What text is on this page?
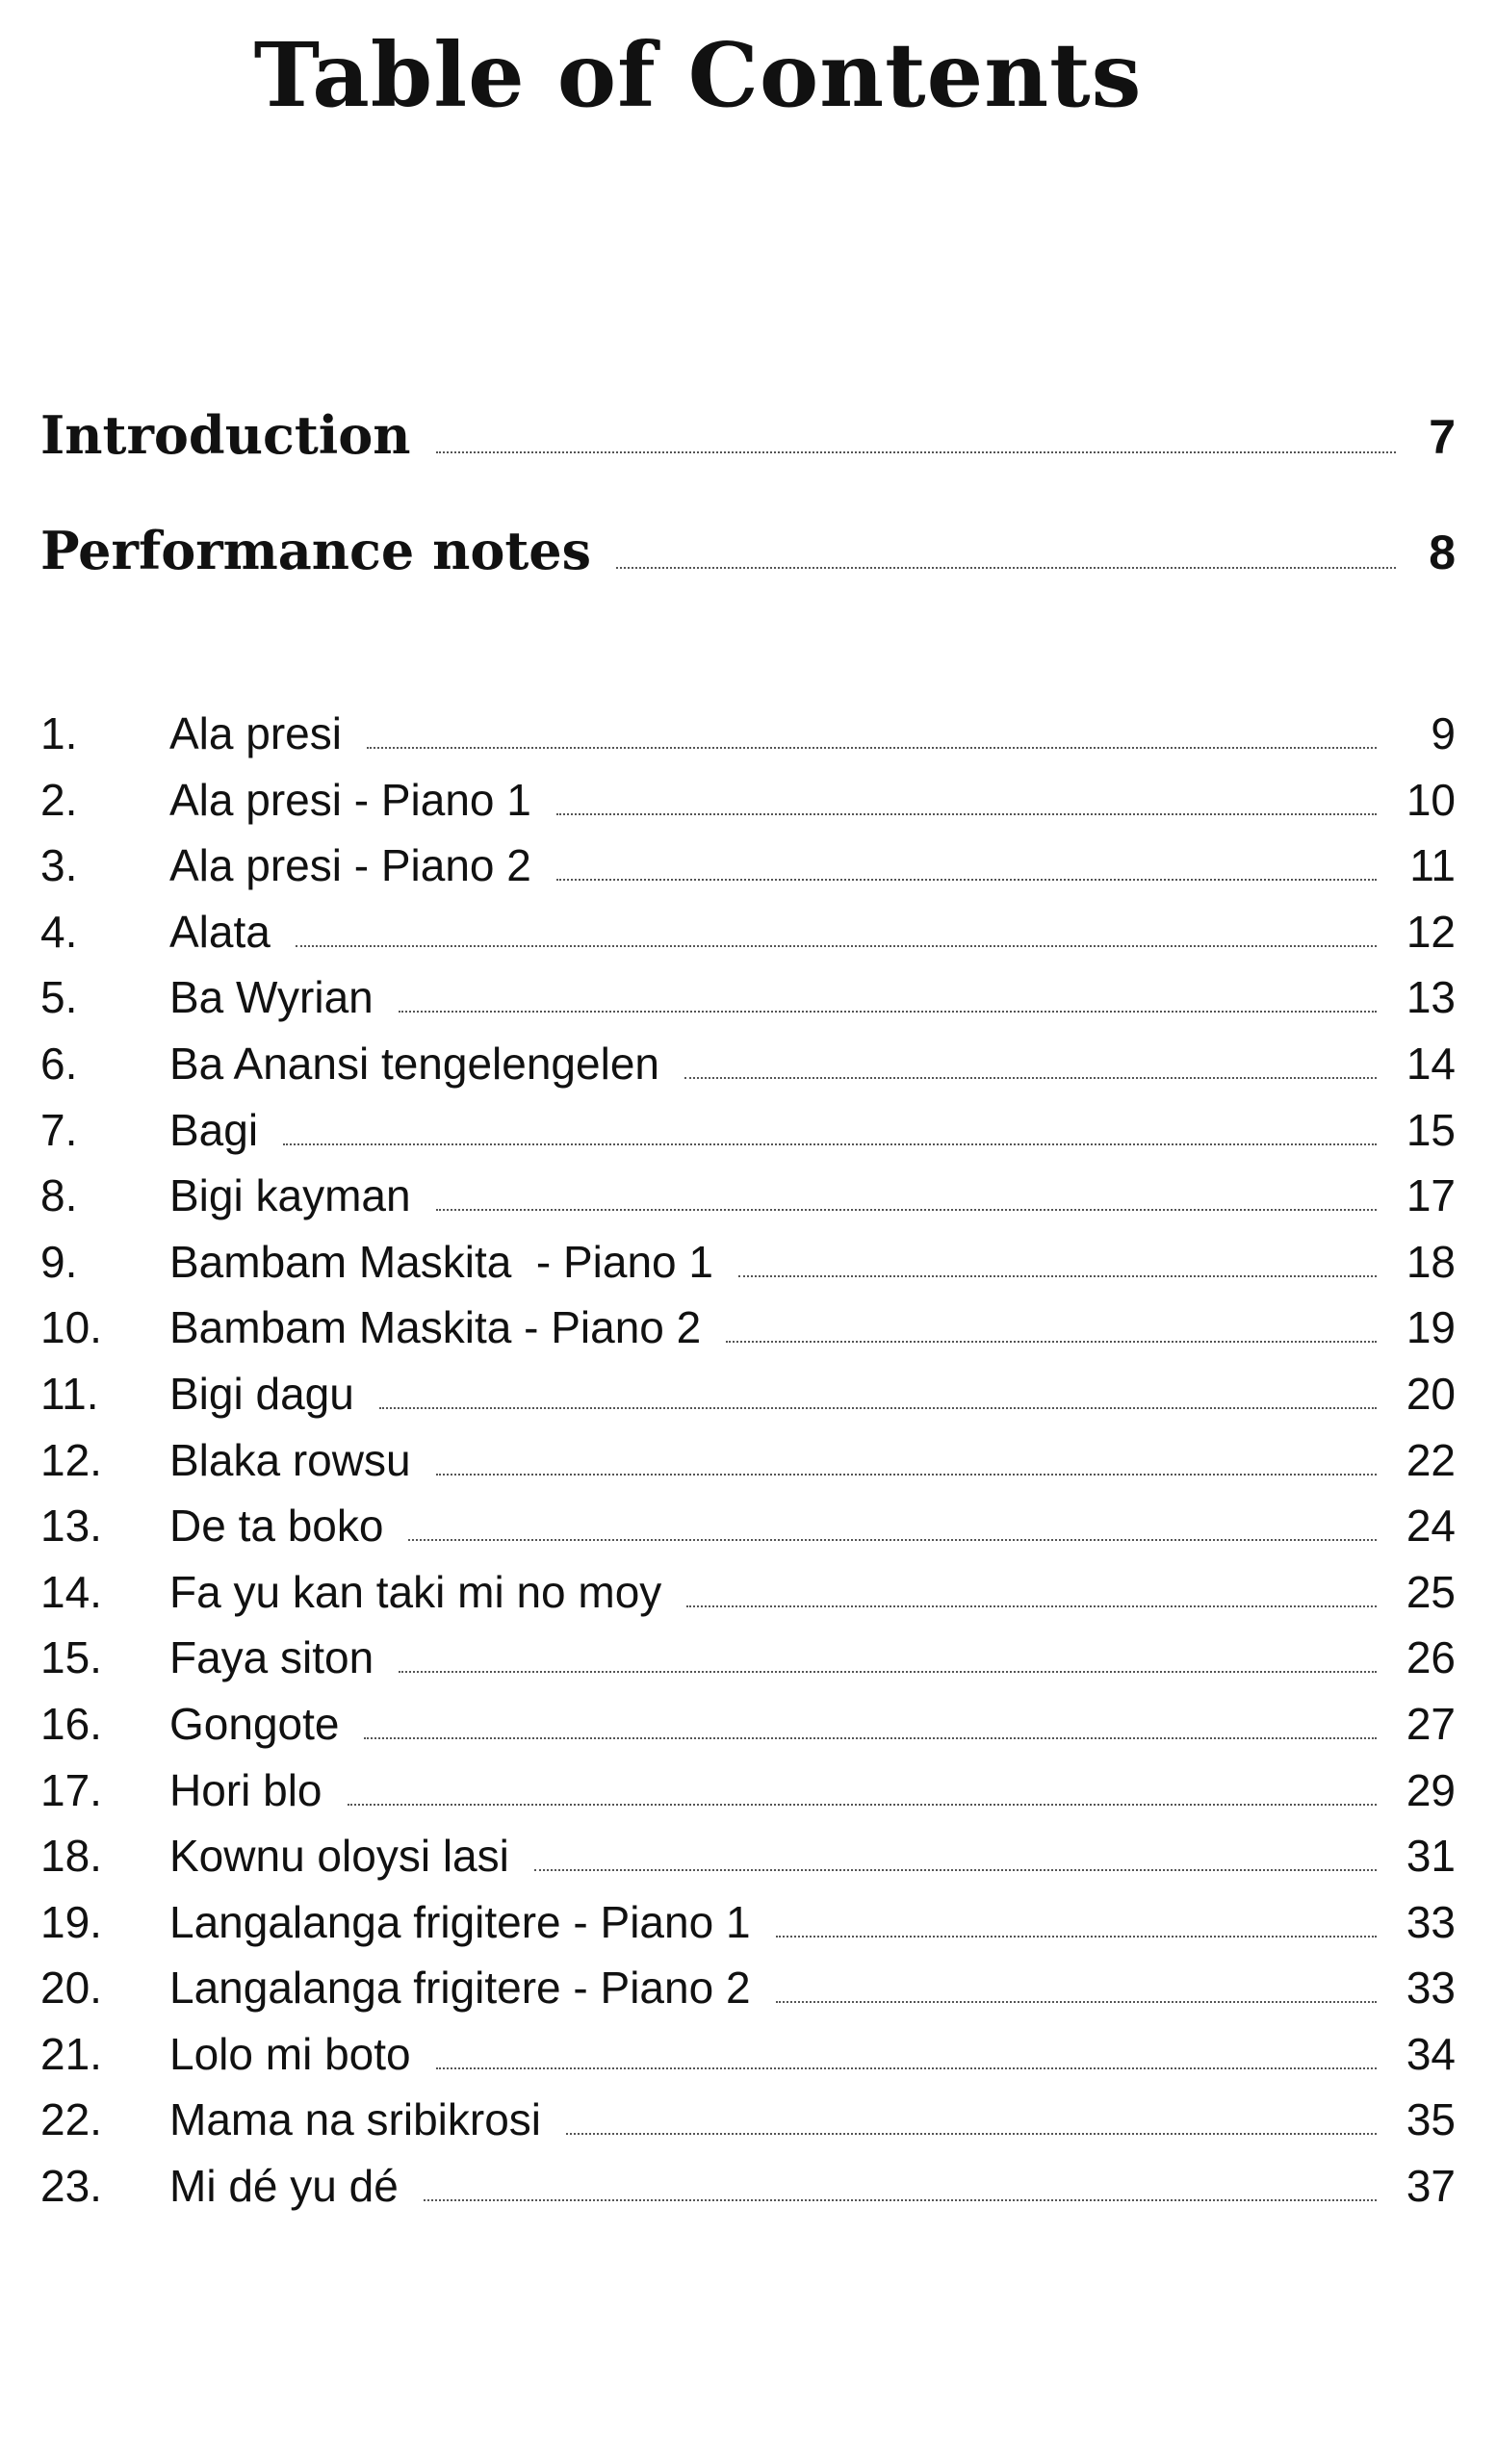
Table of Contents
Introduction	7
Performance notes	8
1.	Ala presi	9
2.	Ala presi - Piano 1	10
3.	Ala presi - Piano 2	11
4.	Alata	12
5.	Ba Wyrian	13
6.	Ba Anansi tengelengelen	14
7.	Bagi	15
8.	Bigi kayman	17
9.	Bambam Maskita  - Piano 1	18
10.	Bambam Maskita - Piano 2	19
11.	Bigi dagu	20
12.	Blaka rowsu	22
13.	De ta boko	24
14.	Fa yu kan taki mi no moy	25
15.	Faya siton	26
16.	Gongote	27
17.	Hori blo	29
18.	Kownu oloysi lasi	31
19.	Langalanga frigitere - Piano 1	33
20.	Langalanga frigitere - Piano 2	33
21.	Lolo mi boto	34
22.	Mama na sribikrosi	35
23.	Mi dé yu dé	37
